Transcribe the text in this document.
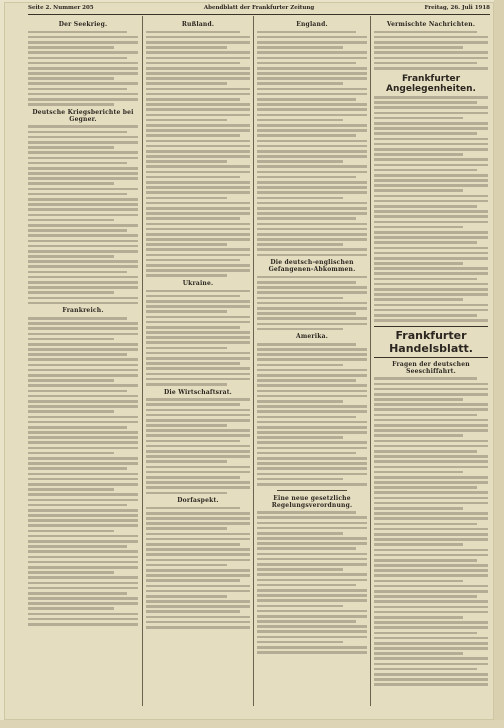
Seite 2. Nummer 205	Abendblatt der Frankfurter Zeitung	Freitag, 26. Juli 1918
Der Seekrieg.
Deutsche Kriegsberichte bei Gegner.
Frankreich.
Rußland.
Ukraine.
Die Wirtschaftsrat.
Dorfaspekt.
England.
Die deutsch-englischen Gefangenen-Abkommen.
Amerika.
Eine neue gesetzliche Regelungsverordnung.
Vermischte Nachrichten.
Frankfurter Angelegenheiten.
Frankfurter Handelsblatt.
Fragen der deutschen Seeschiffahrt.
